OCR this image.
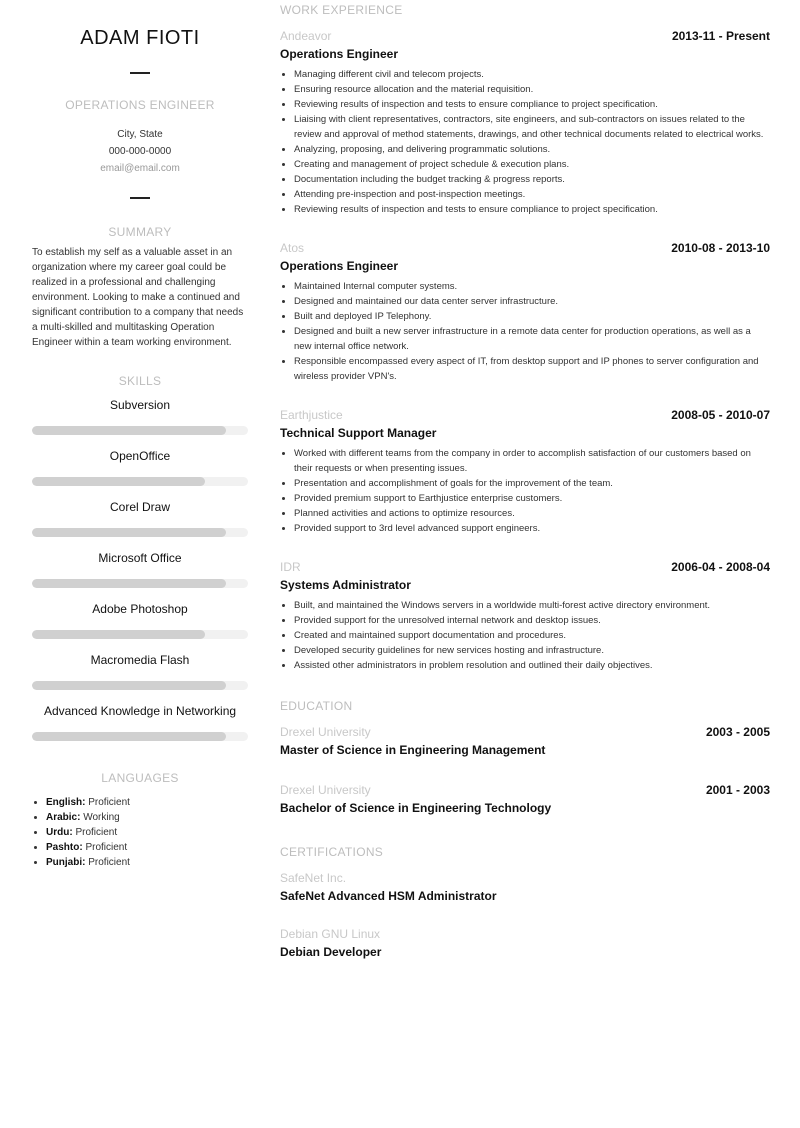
ADAM FIOTI
OPERATIONS ENGINEER
City, State
000-000-0000
email@email.com
SUMMARY
To establish my self as a valuable asset in an organization where my career goal could be realized in a professional and challenging environment. Looking to make a continued and significant contribution to a company that needs a multi-skilled and multitasking Operation Engineer within a team working environment.
SKILLS
Subversion
OpenOffice
Corel Draw
Microsoft Office
Adobe Photoshop
Macromedia Flash
Advanced Knowledge in Networking
LANGUAGES
• English: Proficient
• Arabic: Working
• Urdu: Proficient
• Pashto: Proficient
• Punjabi: Proficient
WORK EXPERIENCE
Andeavor	2013-11 - Present
Operations Engineer
• Managing different civil and telecom projects.
• Ensuring resource allocation and the material requisition.
• Reviewing results of inspection and tests to ensure compliance to project specification.
• Liaising with client representatives, contractors, site engineers, and sub-contractors on issues related to the review and approval of method statements, drawings, and other technical documents related to electrical works.
• Analyzing, proposing, and delivering programmatic solutions.
• Creating and management of project schedule & execution plans.
• Documentation including the budget tracking & progress reports.
• Attending pre-inspection and post-inspection meetings.
• Reviewing results of inspection and tests to ensure compliance to project specification.
Atos	2010-08 - 2013-10
Operations Engineer
• Maintained Internal computer systems.
• Designed and maintained our data center server infrastructure.
• Built and deployed IP Telephony.
• Designed and built a new server infrastructure in a remote data center for production operations, as well as a new internal office network.
• Responsible encompassed every aspect of IT, from desktop support and IP phones to server configuration and wireless provider VPN's.
Earthjustice	2008-05 - 2010-07
Technical Support Manager
• Worked with different teams from the company in order to accomplish satisfaction of our customers based on their requests or when presenting issues.
• Presentation and accomplishment of goals for the improvement of the team.
• Provided premium support to Earthjustice enterprise customers.
• Planned activities and actions to optimize resources.
• Provided support to 3rd level advanced support engineers.
IDR	2006-04 - 2008-04
Systems Administrator
• Built, and maintained the Windows servers in a worldwide multi-forest active directory environment.
• Provided support for the unresolved internal network and desktop issues.
• Created and maintained support documentation and procedures.
• Developed security guidelines for new services hosting and infrastructure.
• Assisted other administrators in problem resolution and outlined their daily objectives.
EDUCATION
Drexel University	2003 - 2005
Master of Science in Engineering Management
Drexel University	2001 - 2003
Bachelor of Science in Engineering Technology
CERTIFICATIONS
SafeNet Inc.
SafeNet Advanced HSM Administrator
Debian GNU Linux
Debian Developer
